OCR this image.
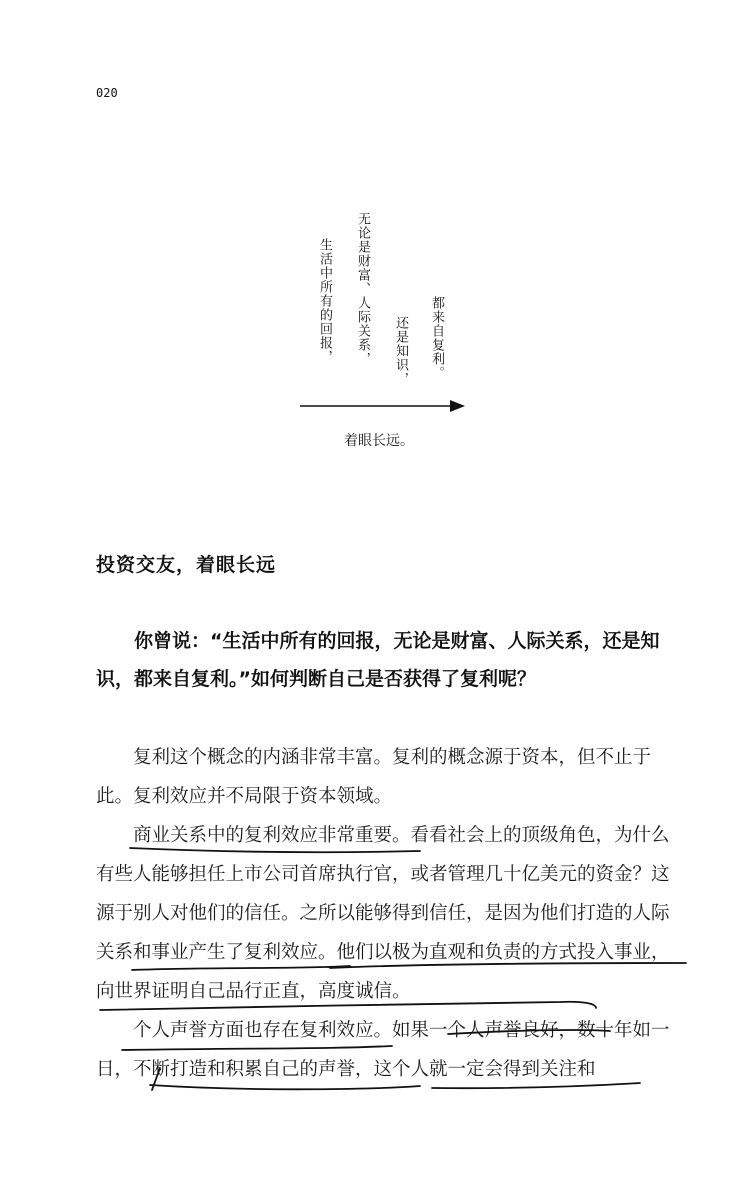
020
生活中所有的回报， 无论是财富、人际关系， 还是知识， 都来自复利。
着眼长远。
投资交友，着眼长远

你曾说：“生活中所有的回报，无论是财富、人际关系，还是知识，都来自复利。”如何判断自己是否获得了复利呢？

复利这个概念的内涵非常丰富。复利的概念源于资本，但不止于此。复利效应并不局限于资本领域。

商业关系中的复利效应非常重要。看看社会上的顶级角色，为什么有些人能够担任上市公司首席执行官，或者管理几十亿美元的资金？这源于别人对他们的信任。之所以能够得到信任，是因为他们打造的人际关系和事业产生了复利效应。他们以极为直观和负责的方式投入事业，向世界证明自己品行正直，高度诚信。

个人声誉方面也存在复利效应。如果一个人声誉良好，数十年如一日，不断打造和积累自己的声誉，这个人就一定会得到关注和
